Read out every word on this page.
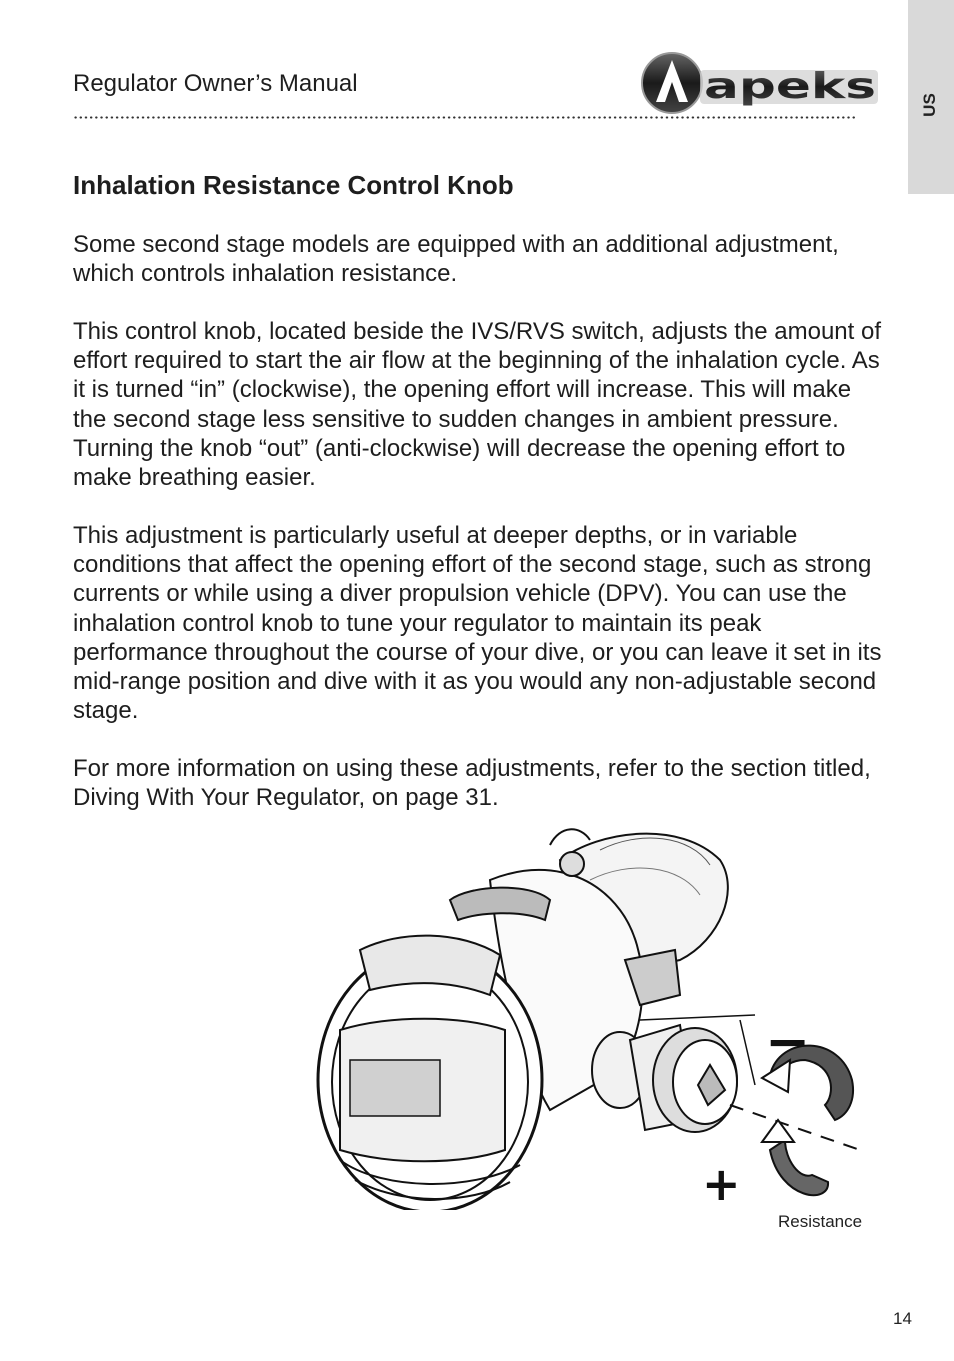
US
Regulator Owner’s Manual	apeks
Inhalation Resistance Control Knob

Some second stage models are equipped with an additional adjustment, which controls inhalation resistance.

This control knob, located beside the IVS/RVS switch, adjusts the amount of effort required to start the air flow at the beginning of the inhalation cycle. As it is turned “in” (clockwise), the opening effort will increase. This will make the second stage less sensitive to sudden changes in ambient pressure. Turning the knob “out” (anti-clockwise) will decrease the opening effort to make breathing easier.

This adjustment is particularly useful at deeper depths, or in variable conditions that affect the opening effort of the second stage, such as strong currents or while using a diver propulsion vehicle (DPV). You can use the inhalation control knob to tune your regulator to maintain its peak performance throughout the course of your dive, or you can leave it set in its mid-range position and dive with it as you would any non-adjustable second stage.

For more information on using these adjustments, refer to the section titled, Diving With Your Regulator, on page 31.

−
+
Resistance
14
